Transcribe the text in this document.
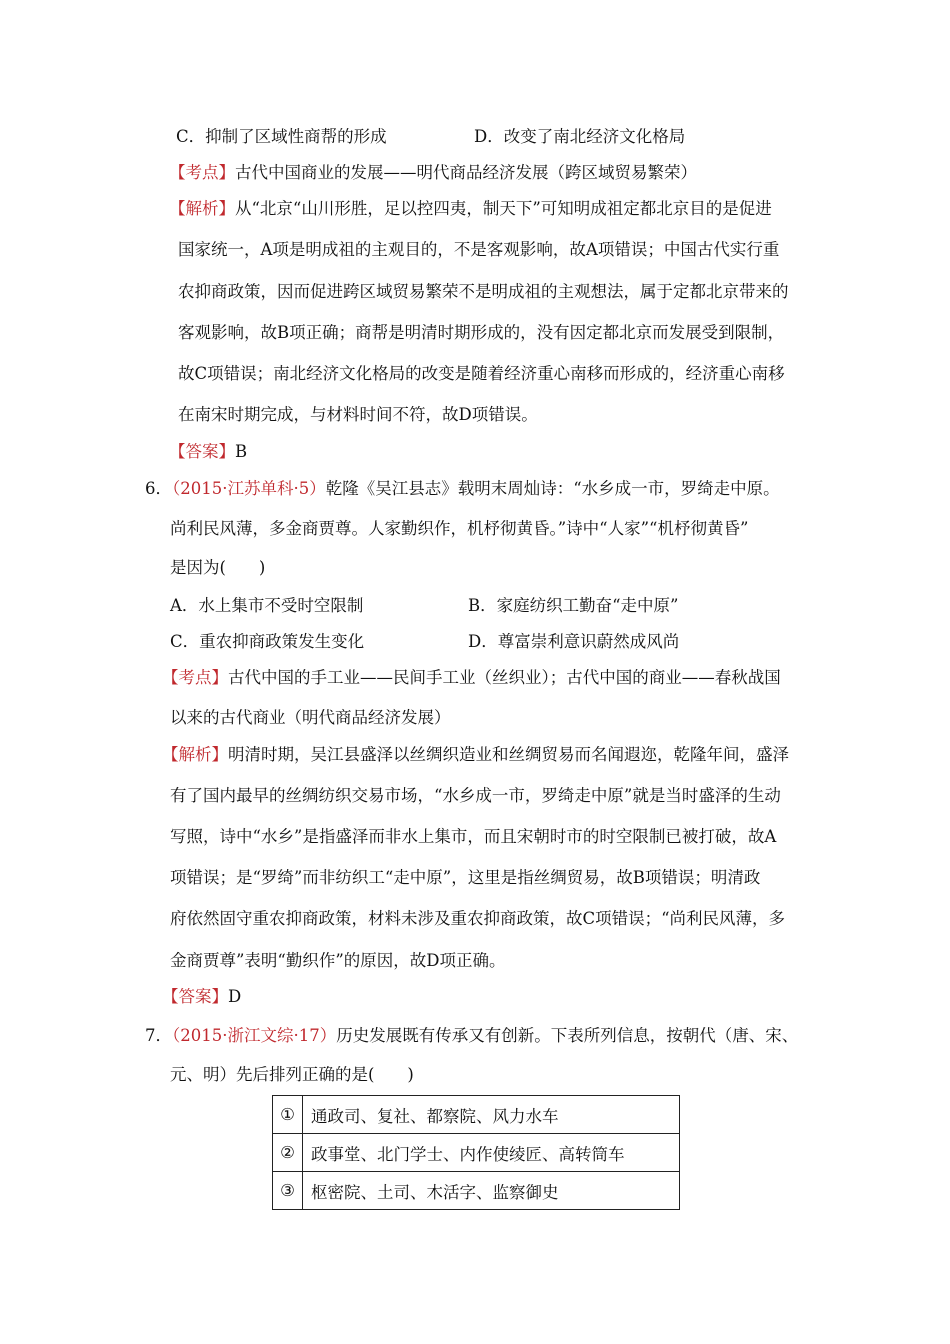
C．抑制了区域性商帮的形成	D．改变了南北经济文化格局
【考点】古代中国商业的发展——明代商品经济发展（跨区域贸易繁荣）
【解析】从“北京“山川形胜，足以控四夷，制天下”可知明成祖定都北京目的是促进
国家统一，A项是明成祖的主观目的，不是客观影响，故A项错误；中国古代实行重
农抑商政策，因而促进跨区域贸易繁荣不是明成祖的主观想法，属于定都北京带来的
客观影响，故B项正确；商帮是明清时期形成的，没有因定都北京而发展受到限制，
故C项错误；南北经济文化格局的改变是随着经济重心南移而形成的，经济重心南移
在南宋时期完成，与材料时间不符，故D项错误。
【答案】B
6．（2015·江苏单科·5）乾隆《吴江县志》载明末周灿诗：“水乡成一市，罗绮走中原。
尚利民风薄，多金商贾尊。人家勤织作，机杼彻黄昏。”诗中“人家”“机杼彻黄昏”
是因为(　　)
A．水上集市不受时空限制	B．家庭纺织工勤奋“走中原”
C．重农抑商政策发生变化	D．尊富崇利意识蔚然成风尚
【考点】古代中国的手工业——民间手工业（丝织业）；古代中国的商业——春秋战国
以来的古代商业（明代商品经济发展）
【解析】明清时期，吴江县盛泽以丝绸织造业和丝绸贸易而名闻遐迩，乾隆年间，盛泽
有了国内最早的丝绸纺织交易市场，“水乡成一市，罗绮走中原”就是当时盛泽的生动
写照，诗中“水乡”是指盛泽而非水上集市，而且宋朝时市的时空限制已被打破，故A
项错误；是“罗绮”而非纺织工“走中原”，这里是指丝绸贸易，故B项错误；明清政
府依然固守重农抑商政策，材料未涉及重农抑商政策，故C项错误；“尚利民风薄，多
金商贾尊”表明“勤织作”的原因，故D项正确。
【答案】D
7．（2015·浙江文综·17）历史发展既有传承又有创新。下表所列信息，按朝代（唐、宋、
元、明）先后排列正确的是(　　)
①	通政司、复社、都察院、风力水车
②	政事堂、北门学士、内作使绫匠、高转筒车
③	枢密院、土司、木活字、监察御史
